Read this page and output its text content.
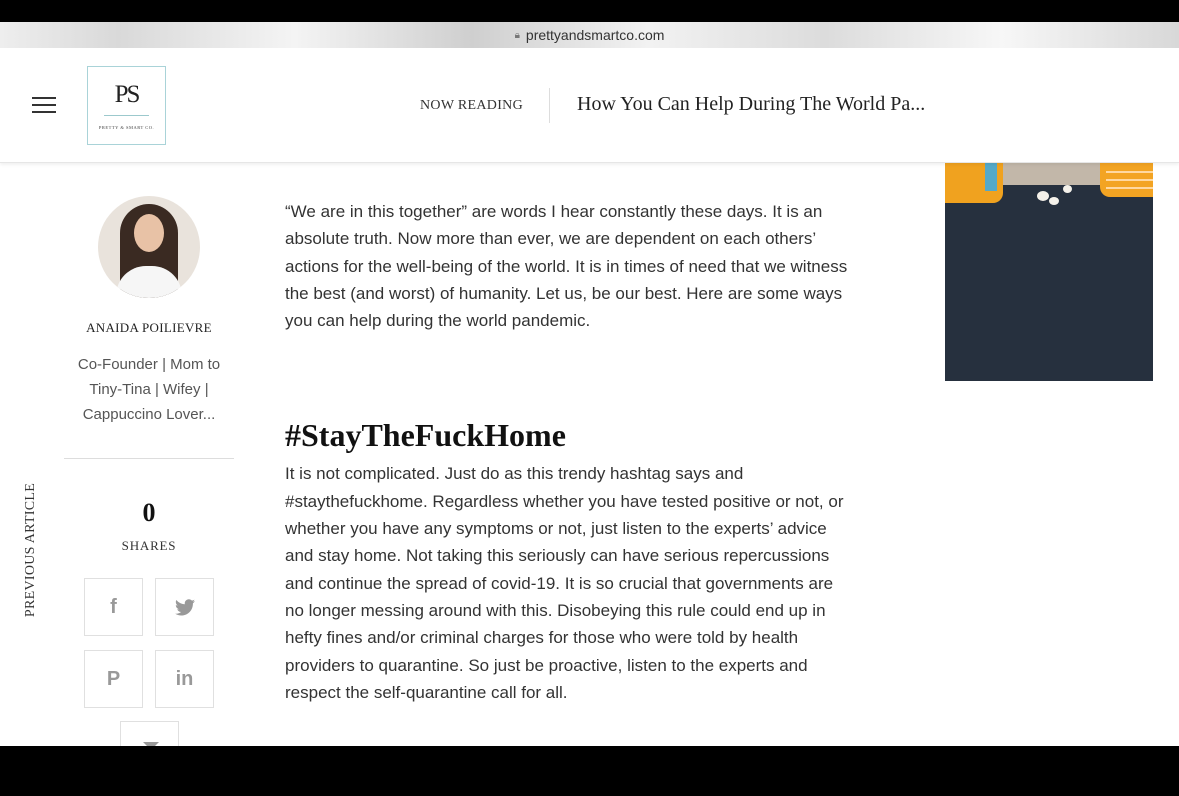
🔒︎ prettyandsmartco.com
PS
PRETTY & SMART CO.
NOW READING	How You Can Help During The World Pa...
PREVIOUS ARTICLE
ANAIDA POILIEVRE
Co-Founder | Mom to Tiny-Tina | Wifey | Cappuccino Lover...
0
SHARES
f
P	in

“We are in this together” are words I hear constantly these days. It is an absolute truth. Now more than ever, we are dependent on each others’ actions for the well-being of the world. It is in times of need that we witness the best (and worst) of humanity. Let us, be our best. Here are some ways you can help during the world pandemic.

#StayTheFuckHome

It is not complicated. Just do as this trendy hashtag says and #staythefuckhome. Regardless whether you have tested positive or not, or whether you have any symptoms or not, just listen to the experts’ advice and stay home. Not taking this seriously can have serious repercussions and continue the spread of covid-19. It is so crucial that governments are no longer messing around with this. Disobeying this rule could end up in hefty fines and/or criminal charges for those who were told by health providers to quarantine. So just be proactive, listen to the experts and respect the self-quarantine call for all.
